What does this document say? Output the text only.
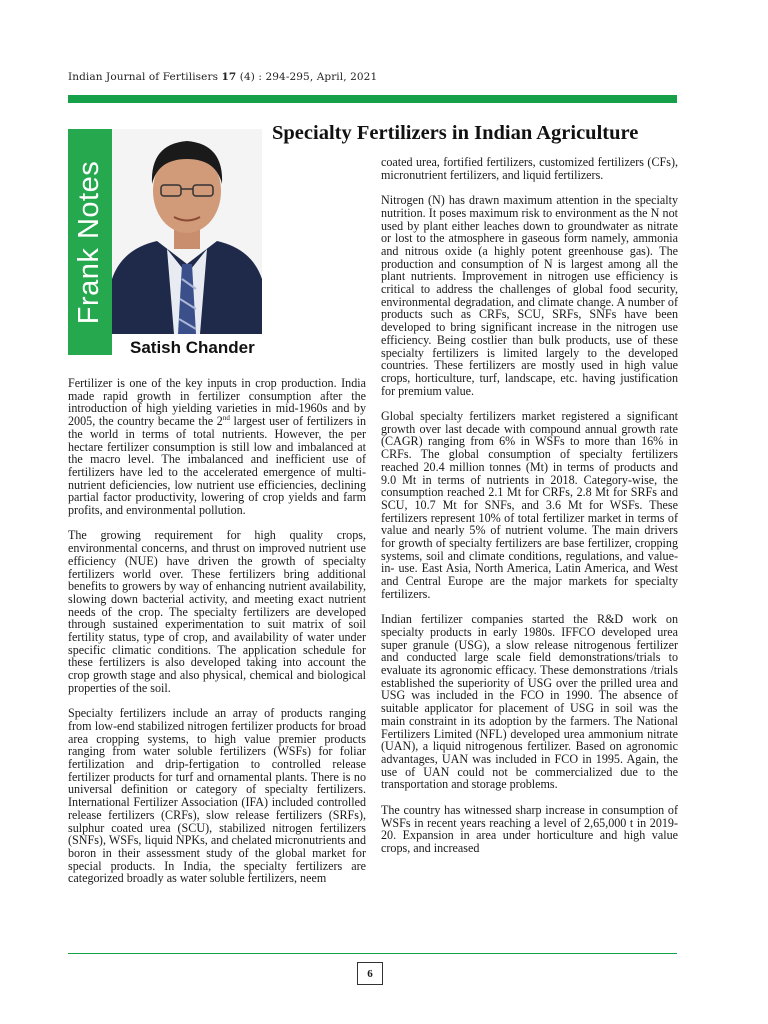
Indian Journal of Fertilisers 17 (4) : 294-295, April, 2021
Frank Notes
Satish Chander
Specialty Fertilizers in Indian Agriculture

Fertilizer is one of the key inputs in crop production. India made rapid growth in fertilizer consumption after the introduction of high yielding varieties in mid-1960s and by 2005, the country became the 2nd largest user of fertilizers in the world in terms of total nutrients. However, the per hectare fertilizer consumption is still low and imbalanced at the macro level. The imbalanced and inefficient use of fertilizers have led to the accelerated emergence of multi-nutrient deficiencies, low nutrient use efficiencies, declining partial factor productivity, lowering of crop yields and farm profits, and environmental pollution.

The growing requirement for high quality crops, environmental concerns, and thrust on improved nutrient use efficiency (NUE) have driven the growth of specialty fertilizers world over. These fertilizers bring additional benefits to growers by way of enhancing nutrient availability, slowing down bacterial activity, and meeting exact nutrient needs of the crop. The specialty fertilizers are developed through sustained experimentation to suit matrix of soil fertility status, type of crop, and availability of water under specific climatic conditions. The application schedule for these fertilizers is also developed taking into account the crop growth stage and also physical, chemical and biological properties of the soil.

Specialty fertilizers include an array of products ranging from low-end stabilized nitrogen fertilizer products for broad area cropping systems, to high value premier products ranging from water soluble fertilizers (WSFs) for foliar fertilization and drip-fertigation to controlled release fertilizer products for turf and ornamental plants. There is no universal definition or category of specialty fertilizers. International Fertilizer Association (IFA) included controlled release fertilizers (CRFs), slow release fertilizers (SRFs), sulphur coated urea (SCU), stabilized nitrogen fertilizers (SNFs), WSFs, liquid NPKs, and chelated micronutrients and boron in their assessment study of the global market for special products. In India, the specialty fertilizers are categorized broadly as water soluble fertilizers, neem

coated urea, fortified fertilizers, customized fertilizers (CFs), micronutrient fertilizers, and liquid fertilizers.

Nitrogen (N) has drawn maximum attention in the specialty nutrition. It poses maximum risk to environment as the N not used by plant either leaches down to groundwater as nitrate or lost to the atmosphere in gaseous form namely, ammonia and nitrous oxide (a highly potent greenhouse gas). The production and consumption of N is largest among all the plant nutrients. Improvement in nitrogen use efficiency is critical to address the challenges of global food security, environmental degradation, and climate change. A number of products such as CRFs, SCU, SRFs, SNFs have been developed to bring significant increase in the nitrogen use efficiency. Being costlier than bulk products, use of these specialty fertilizers is limited largely to the developed countries. These fertilizers are mostly used in high value crops, horticulture, turf, landscape, etc. having justification for premium value.

Global specialty fertilizers market registered a significant growth over last decade with compound annual growth rate (CAGR) ranging from 6% in WSFs to more than 16% in CRFs. The global consumption of specialty fertilizers reached 20.4 million tonnes (Mt) in terms of products and 9.0 Mt in terms of nutrients in 2018. Category-wise, the consumption reached 2.1 Mt for CRFs, 2.8 Mt for SRFs and SCU, 10.7 Mt for SNFs, and 3.6 Mt for WSFs. These fertilizers represent 10% of total fertilizer market in terms of value and nearly 5% of nutrient volume. The main drivers for growth of specialty fertilizers are base fertilizer, cropping systems, soil and climate conditions, regulations, and value-in- use. East Asia, North America, Latin America, and West and Central Europe are the major markets for specialty fertilizers.

Indian fertilizer companies started the R&D work on specialty products in early 1980s. IFFCO developed urea super granule (USG), a slow release nitrogenous fertilizer and conducted large scale field demonstrations/trials to evaluate its agronomic efficacy. These demonstrations /trials established the superiority of USG over the prilled urea and USG was included in the FCO in 1990. The absence of suitable applicator for placement of USG in soil was the main constraint in its adoption by the farmers. The National Fertilizers Limited (NFL) developed urea ammonium nitrate (UAN), a liquid nitrogenous fertilizer. Based on agronomic advantages, UAN was included in FCO in 1995. Again, the use of UAN could not be commercialized due to the transportation and storage problems.

The country has witnessed sharp increase in consumption of WSFs in recent years reaching a level of 2,65,000 t in 2019-20. Expansion in area under horticulture and high value crops, and increased

6
